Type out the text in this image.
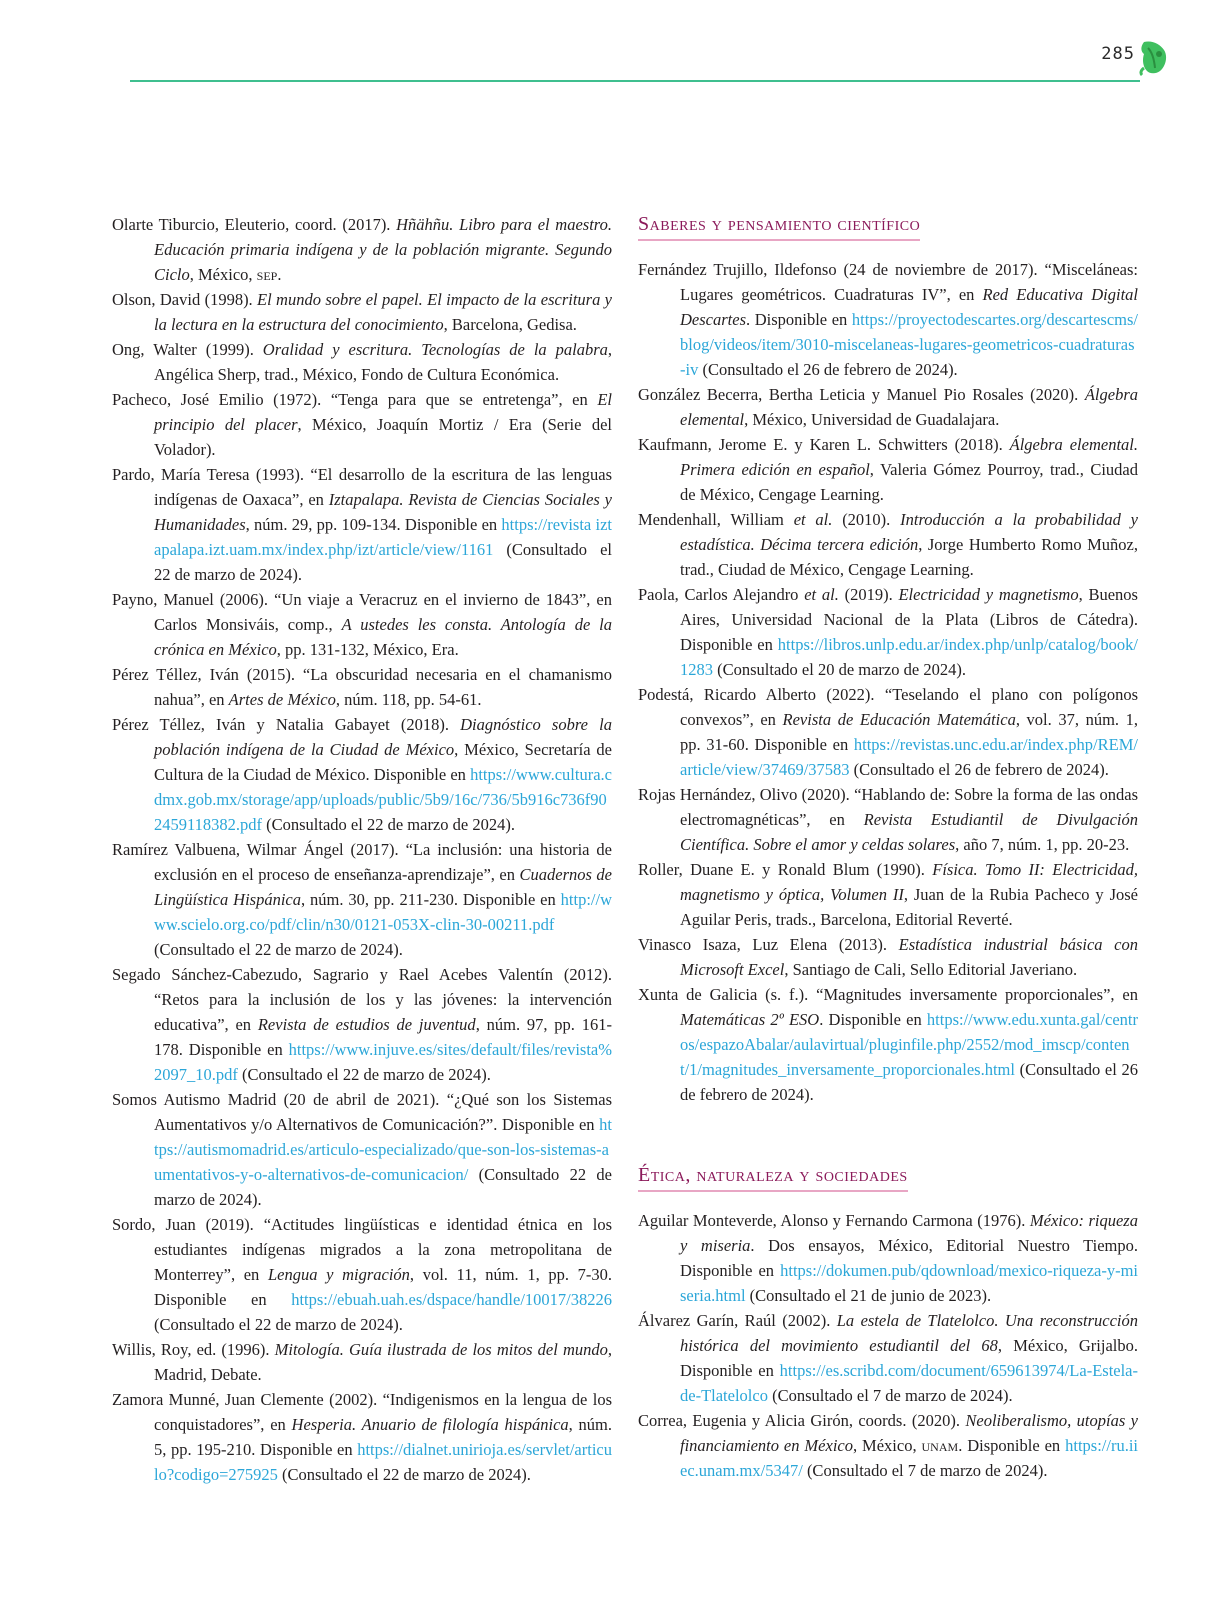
285

Olarte Tiburcio, Eleuterio, coord. (2017). Hñähñu. Libro para el maestro. Educación primaria indígena y de la población migrante. Segundo Ciclo, México, sep.

Olson, David (1998). El mundo sobre el papel. El impacto de la escritura y la lectura en la estructura del conocimiento, Barcelona, Gedisa.

Ong, Walter (1999). Oralidad y escritura. Tecnologías de la palabra, Angélica Sherp, trad., México, Fondo de Cultura Económica.

Pacheco, José Emilio (1972). “Tenga para que se entretenga”, en El principio del placer, México, Joaquín Mortiz / Era (Serie del Volador).

Pardo, María Teresa (1993). “El desarrollo de la escritura de las lenguas indígenas de Oaxaca”, en Iztapalapa. Revista de Ciencias Sociales y Humanidades, núm. 29, pp. 109-134. Disponible en https://revista iztapalapa.izt.uam.mx/index.php/izt/article/view/1161 (Consultado el 22 de marzo de 2024).

Payno, Manuel (2006). “Un viaje a Veracruz en el invierno de 1843”, en Carlos Monsiváis, comp., A ustedes les consta. Antología de la crónica en México, pp. 131-132, México, Era.

Pérez Téllez, Iván (2015). “La obscuridad necesaria en el chamanismo nahua”, en Artes de México, núm. 118, pp. 54-61.

Pérez Téllez, Iván y Natalia Gabayet (2018). Diagnóstico sobre la población indígena de la Ciudad de México, México, Secretaría de Cultura de la Ciudad de México. Disponible en https://www.cultura.cdmx.gob.mx/storage/app/uploads/public/5b9/16c/736/5b916c736f902459118382.pdf (Consultado el 22 de marzo de 2024).

Ramírez Valbuena, Wilmar Ángel (2017). “La inclusión: una historia de exclusión en el proceso de enseñanza-aprendizaje”, en Cuadernos de Lingüística Hispánica, núm. 30, pp. 211-230. Disponible en http://www.scielo.org.co/pdf/clin/n30/0121-053X-clin-30-00211.pdf (Consultado el 22 de marzo de 2024).

Segado Sánchez-Cabezudo, Sagrario y Rael Acebes Valentín (2012). “Retos para la inclusión de los y las jóvenes: la intervención educativa”, en Revista de estudios de juventud, núm. 97, pp. 161-178. Disponible en https://www.injuve.es/sites/default/files/revista%2097_10.pdf (Consultado el 22 de marzo de 2024).

Somos Autismo Madrid (20 de abril de 2021). “¿Qué son los Sistemas Aumentativos y/o Alternativos de Comunicación?”. Disponible en https://autismomadrid.es/articulo-especializado/que-son-los-sistemas-aumentativos-y-o-alternativos-de-comunicacion/ (Consultado 22 de marzo de 2024).

Sordo, Juan (2019). “Actitudes lingüísticas e identidad étnica en los estudiantes indígenas migrados a la zona metropolitana de Monterrey”, en Lengua y migración, vol. 11, núm. 1, pp. 7-30. Disponible en https://ebuah.uah.es/dspace/handle/10017/38226 (Consultado el 22 de marzo de 2024).

Willis, Roy, ed. (1996). Mitología. Guía ilustrada de los mitos del mundo, Madrid, Debate.

Zamora Munné, Juan Clemente (2002). “Indigenismos en la lengua de los conquistadores”, en Hesperia. Anuario de filología hispánica, núm. 5, pp. 195-210. Disponible en https://dialnet.unirioja.es/servlet/articulo?codigo=275925 (Consultado el 22 de marzo de 2024).

Saberes y pensamiento científico

Fernández Trujillo, Ildefonso (24 de noviembre de 2017). “Misceláneas: Lugares geométricos. Cuadraturas IV”, en Red Educativa Digital Descartes. Disponible en https://proyectodescartes.org/descartescms/blog/videos/item/3010-miscelaneas-lugares-geometricos-cuadraturas-iv (Consultado el 26 de febrero de 2024).

González Becerra, Bertha Leticia y Manuel Pio Rosales (2020). Álgebra elemental, México, Universidad de Guadalajara.

Kaufmann, Jerome E. y Karen L. Schwitters (2018). Álgebra elemental. Primera edición en español, Valeria Gómez Pourroy, trad., Ciudad de México, Cengage Learning.

Mendenhall, William et al. (2010). Introducción a la probabilidad y estadística. Décima tercera edición, Jorge Humberto Romo Muñoz, trad., Ciudad de México, Cengage Learning.

Paola, Carlos Alejandro et al. (2019). Electricidad y magnetismo, Buenos Aires, Universidad Nacional de la Plata (Libros de Cátedra). Disponible en https://libros.unlp.edu.ar/index.php/unlp/catalog/book/1283 (Consultado el 20 de marzo de 2024).

Podestá, Ricardo Alberto (2022). “Teselando el plano con polígonos convexos”, en Revista de Educación Matemática, vol. 37, núm. 1, pp. 31-60. Disponible en https://revistas.unc.edu.ar/index.php/REM/article/view/37469/37583 (Consultado el 26 de febrero de 2024).

Rojas Hernández, Olivo (2020). “Hablando de: Sobre la forma de las ondas electromagnéticas”, en Revista Estudiantil de Divulgación Científica. Sobre el amor y celdas solares, año 7, núm. 1, pp. 20-23.

Roller, Duane E. y Ronald Blum (1990). Física. Tomo II: Electricidad, magnetismo y óptica, Volumen II, Juan de la Rubia Pacheco y José Aguilar Peris, trads., Barcelona, Editorial Reverté.

Vinasco Isaza, Luz Elena (2013). Estadística industrial básica con Microsoft Excel, Santiago de Cali, Sello Editorial Javeriano.

Xunta de Galicia (s. f.). “Magnitudes inversamente proporcionales”, en Matemáticas 2º ESO. Disponible en https://www.edu.xunta.gal/centros/espazoAbalar/aulavirtual/pluginfile.php/2552/mod_imscp/content/1/magnitudes_inversamente_proporcionales.html (Consultado el 26 de febrero de 2024).

Ética, naturaleza y sociedades

Aguilar Monteverde, Alonso y Fernando Carmona (1976). México: riqueza y miseria. Dos ensayos, México, Editorial Nuestro Tiempo. Disponible en https://dokumen.pub/qdownload/mexico-riqueza-y-miseria.html (Consultado el 21 de junio de 2023).

Álvarez Garín, Raúl (2002). La estela de Tlatelolco. Una reconstrucción histórica del movimiento estudiantil del 68, México, Grijalbo. Disponible en https://es.scribd.com/document/659613974/La-Estela-de-Tlatelolco (Consultado el 7 de marzo de 2024).

Correa, Eugenia y Alicia Girón, coords. (2020). Neoliberalismo, utopías y financiamiento en México, México, unam. Disponible en https://ru.iiec.unam.mx/5347/ (Consultado el 7 de marzo de 2024).
